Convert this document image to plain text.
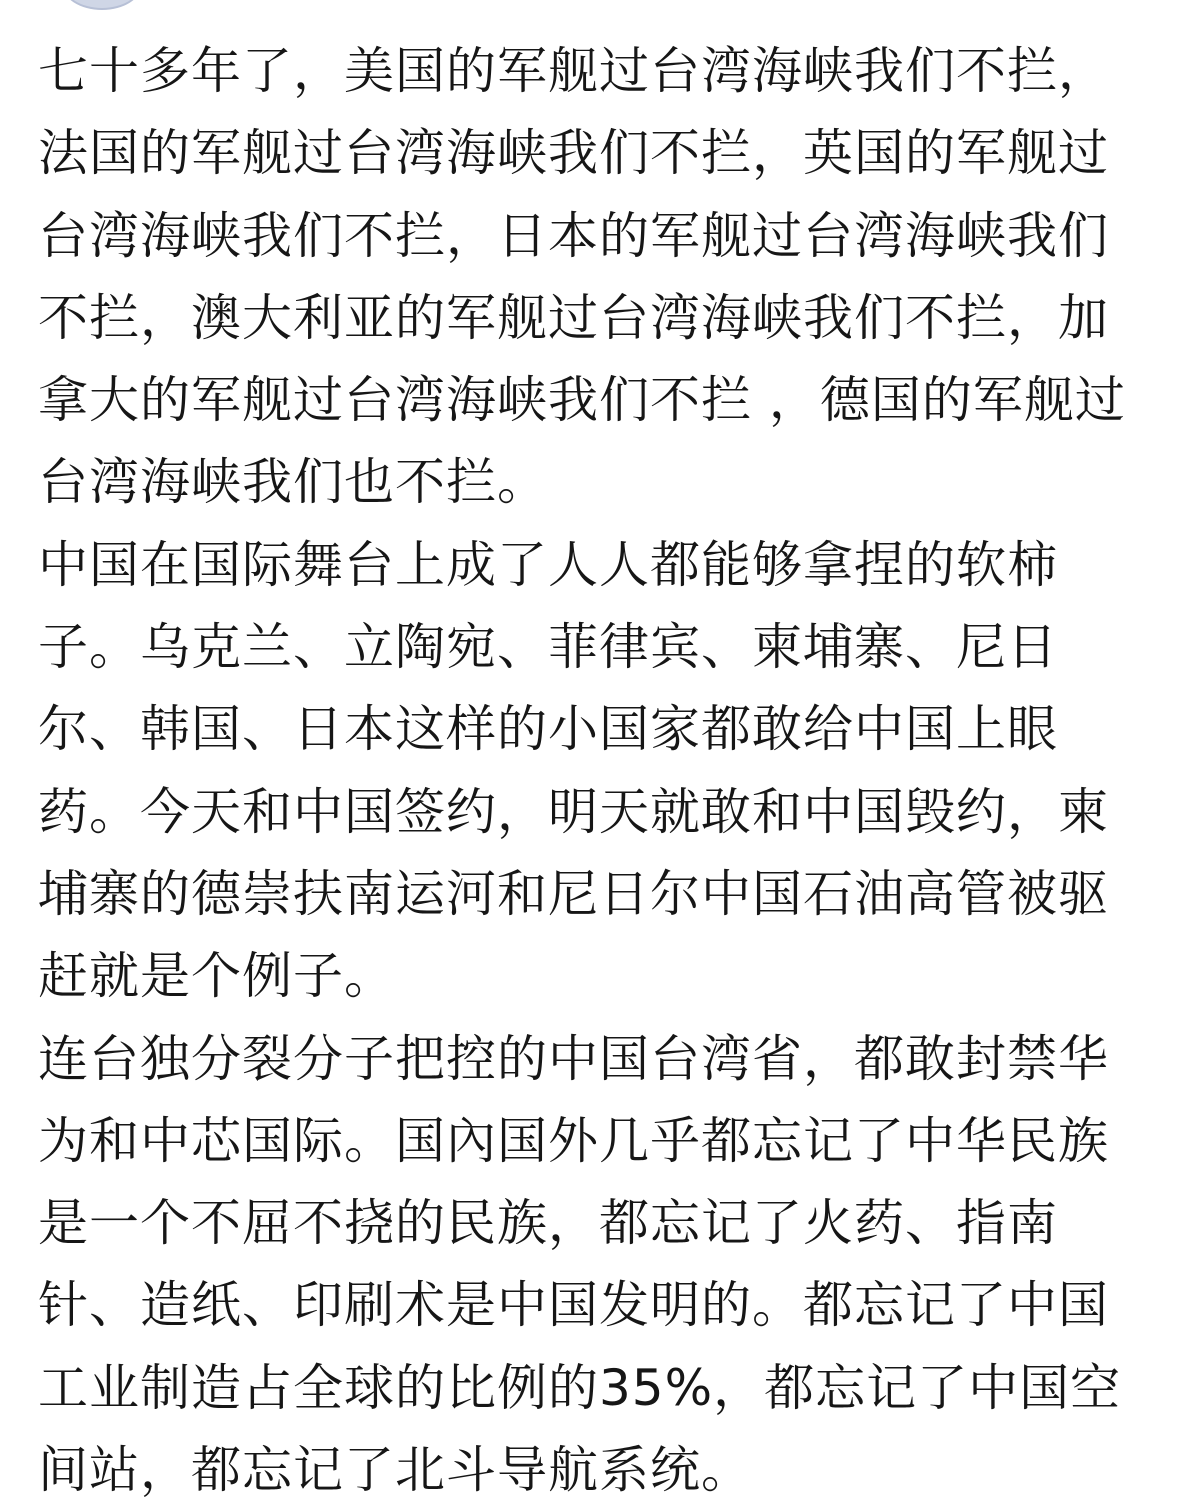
七十多年了，美国的军舰过台湾海峡我们不拦，
法国的军舰过台湾海峡我们不拦，英国的军舰过
台湾海峡我们不拦，日本的军舰过台湾海峡我们
不拦，澳大利亚的军舰过台湾海峡我们不拦，加
拿大的军舰过台湾海峡我们不拦 ，德国的军舰过
台湾海峡我们也不拦。
中国在国际舞台上成了人人都能够拿捏的软柿
子。乌克兰、立陶宛、菲律宾、柬埔寨、尼日
尔、韩国、日本这样的小国家都敢给中国上眼
药。今天和中国签约，明天就敢和中国毁约，柬
埔寨的德崇扶南运河和尼日尔中国石油高管被驱
赶就是个例子。
连台独分裂分子把控的中国台湾省，都敢封禁华
为和中芯国际。国內国外几乎都忘记了中华民族
是一个不屈不挠的民族，都忘记了火药、指南
针、造纸、印刷术是中国发明的。都忘记了中国
工业制造占全球的比例的35%，都忘记了中国空
间站，都忘记了北斗导航系统。
